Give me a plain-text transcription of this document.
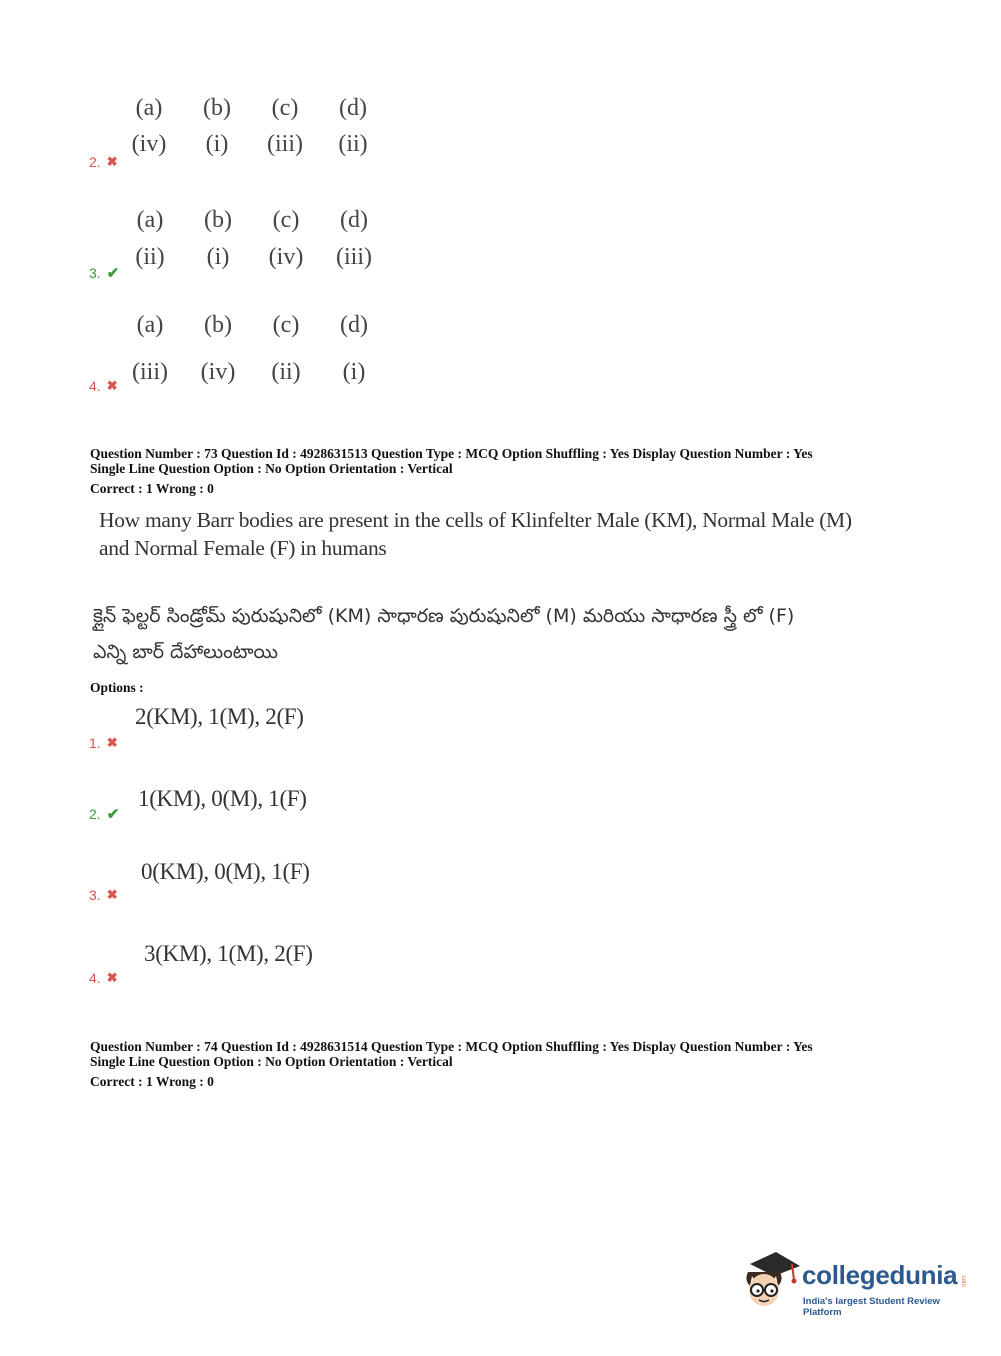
(a)	(b)	(c)	(d)
(iv)	(i)	(iii)	(ii)
2. ✖
(a)	(b)	(c)	(d)
(ii)	(i)	(iv)	(iii)
3. ✔
(a)	(b)	(c)	(d)
(iii)	(iv)	(ii)	(i)
4. ✖
Question Number : 73 Question Id : 4928631513 Question Type : MCQ Option Shuffling : Yes Display Question Number : Yes
Single Line Question Option : No Option Orientation : Vertical
Correct : 1 Wrong : 0
How many Barr bodies are present in the cells of Klinfelter Male (KM), Normal Male (M)
and Normal Female (F) in humans
క్లైన్ ఫెల్టర్ సిండ్రోమ్ పురుషునిలో (KM) సాధారణ పురుషునిలో (M) మరియు సాధారణ స్త్రీ లో (F)
ఎన్ని బార్ దేహాలుంటాయి
Options :
2(KM), 1(M), 2(F)
1. ✖
1(KM), 0(M), 1(F)
2. ✔
0(KM), 0(M), 1(F)
3. ✖
3(KM), 1(M), 2(F)
4. ✖
Question Number : 74 Question Id : 4928631514 Question Type : MCQ Option Shuffling : Yes Display Question Number : Yes
Single Line Question Option : No Option Orientation : Vertical
Correct : 1 Wrong : 0
collegedunia .com
India's largest Student Review Platform
